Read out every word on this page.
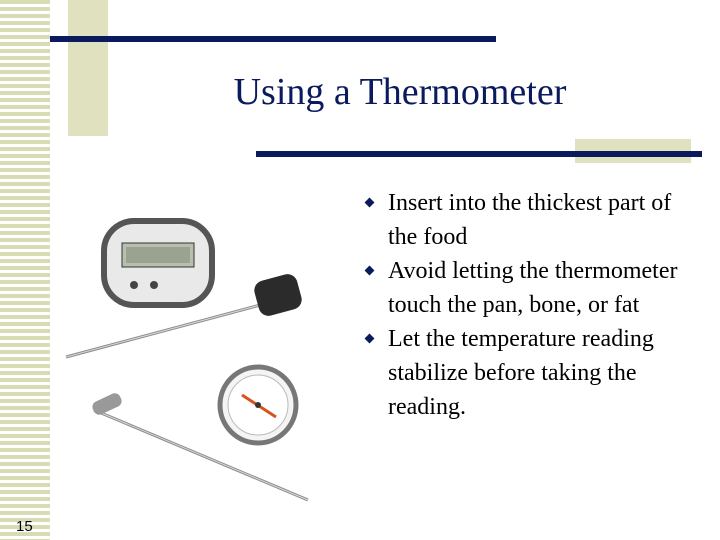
Using a Thermometer
Insert into the thickest part of the food
Avoid letting the thermometer touch the pan, bone, or fat
Let the temperature reading stabilize before taking the reading.
15
